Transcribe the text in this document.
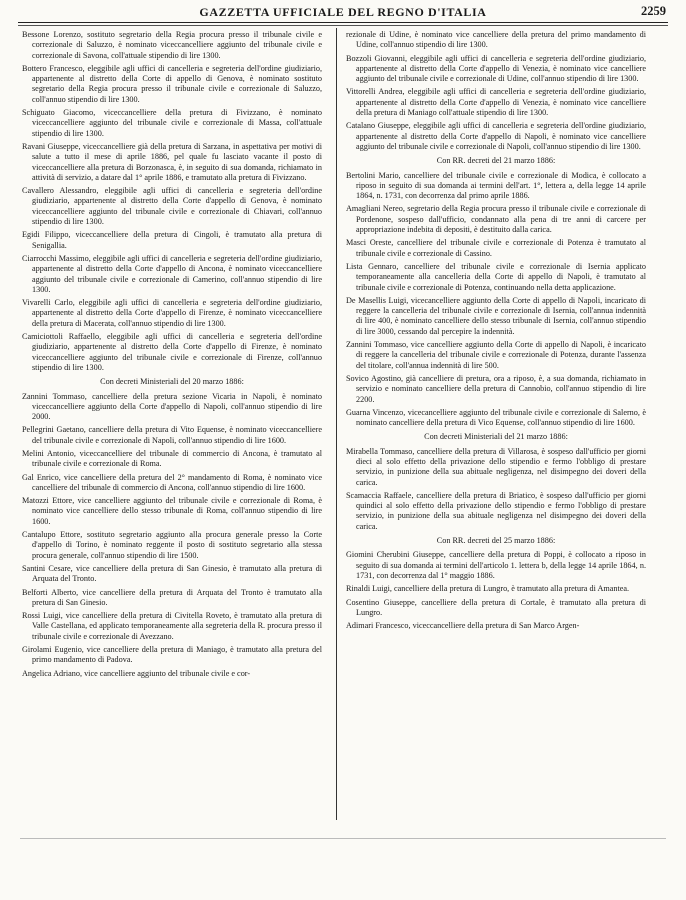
GAZZETTA UFFICIALE DEL REGNO D'ITALIA	2259

Bessone Lorenzo, sostituto segretario della Regia procura presso il tribunale civile e correzionale di Saluzzo, è nominato viceccancelliere aggiunto del tribunale civile e correzionale di Savona, coll'attuale stipendio di lire 1300.

Bottero Francesco, eleggibile agli uffici di cancelleria e segreteria dell'ordine giudiziario, appartenente al distretto della Corte di appello di Genova, è nominato sostituto segretario della Regia procura presso il tribunale civile e correzionale di Saluzzo, coll'annuo stipendio di lire 1300.

Schiguato Giacomo, viceccancelliere della pretura di Fivizzano, è nominato viceccancelliere aggiunto del tribunale civile e correzionale di Massa, coll'attuale stipendio di lire 1300.

Ravani Giuseppe, viceccancelliere già della pretura di Sarzana, in aspettativa per motivi di salute a tutto il mese di aprile 1886, pel quale fu lasciato vacante il posto di viceccancelliere alla pretura di Borzonasca, è, in seguito di sua domanda, richiamato in attività di servizio, a datare dal 1° aprile 1886, e tramutato alla pretura di Fivizzano.

Cavallero Alessandro, eleggibile agli uffici di cancelleria e segreteria dell'ordine giudiziario, appartenente al distretto della Corte d'appello di Genova, è nominato viceccancelliere aggiunto del tribunale civile e correzionale di Chiavari, coll'annuo stipendio di lire 1300.

Egidi Filippo, viceccancelliere della pretura di Cingoli, è tramutato alla pretura di Senigallia.

Ciarrocchi Massimo, eleggibile agli uffici di cancelleria e segreteria dell'ordine giudiziario, appartenente al distretto della Corte d'appello di Ancona, è nominato viceccancelliere aggiunto del tribunale civile e correzionale di Camerino, coll'annuo stipendio di lire 1300.

Vivarelli Carlo, eleggibile agli uffici di cancelleria e segreteria dell'ordine giudiziario, appartenente al distretto della Corte d'appello di Firenze, è nominato viceccancelliere della pretura di Macerata, coll'annuo stipendio di lire 1300.

Camiciottoli Raffaello, eleggibile agli uffici di cancelleria e segreteria dell'ordine giudiziario, appartenente al distretto della Corte d'appello di Firenze, è nominato viceccancelliere aggiunto del tribunale civile e correzionale di Firenze, coll'annuo stipendio di lire 1300.

Con decreti Ministeriali del 20 marzo 1886:

Zannini Tommaso, cancelliere della pretura sezione Vicaria in Napoli, è nominato viceccancelliere aggiunto della Corte d'appello di Napoli, coll'annuo stipendio di lire 2000.

Pellegrini Gaetano, cancelliere della pretura di Vito Equense, è nominato viceccancelliere del tribunale civile e correzionale di Napoli, coll'annuo stipendio di lire 1600.

Melini Antonio, viceccancelliere del tribunale di commercio di Ancona, è tramutato al tribunale civile e correzionale di Roma.

Gal Enrico, vice cancelliere della pretura del 2° mandamento di Roma, è nominato vice cancelliere del tribunale di commercio di Ancona, coll'annuo stipendio di lire 1600.

Matozzi Ettore, vice cancelliere aggiunto del tribunale civile e correzionale di Roma, è nominato vice cancelliere dello stesso tribunale di Roma, coll'annuo stipendio di lire 1600.

Cantalupo Ettore, sostituto segretario aggiunto alla procura generale presso la Corte d'appello di Torino, è nominato reggente il posto di sostituto segretario alla stessa procura generale, coll'annuo stipendio di lire 1500.

Santini Cesare, vice cancelliere della pretura di San Ginesio, è tramutato alla pretura di Arquata del Tronto.

Belforti Alberto, vice cancelliere della pretura di Arquata del Tronto è tramutato alla pretura di San Ginesio.

Rossi Luigi, vice cancelliere della pretura di Civitella Roveto, è tramutato alla pretura di Valle Castellana, ed applicato temporaneamente alla segreteria della R. procura presso il tribunale civile e correzionale di Avezzano.

Girolami Eugenio, vice cancelliere della pretura di Maniago, è tramutato alla pretura del primo mandamento di Padova.

Angelica Adriano, vice cancelliere aggiunto del tribunale civile e cor-

rezionale di Udine, è nominato vice cancelliere della pretura del primo mandamento di Udine, coll'annuo stipendio di lire 1300.

Bozzoli Giovanni, eleggibile agli uffici di cancelleria e segreteria dell'ordine giudiziario, appartenente al distretto della Corte d'appello di Venezia, è nominato vice cancelliere aggiunto del tribunale civile e correzionale di Udine, coll'annuo stipendio di lire 1300.

Vittorelli Andrea, eleggibile agli uffici di cancelleria e segreteria dell'ordine giudiziario, appartenente al distretto della Corte d'appello di Venezia, è nominato vice cancelliere della pretura di Maniago coll'attuale stipendio di lire 1300.

Catalano Giuseppe, eleggibile agli uffici di cancelleria e segreteria dell'ordine giudiziario, appartenente al distretto della Corte d'appello di Napoli, è nominato vice cancelliere aggiunto del tribunale civile e correzionale di Napoli, coll'annuo stipendio di lire 1300.

Con RR. decreti del 21 marzo 1886:

Bertolini Mario, cancelliere del tribunale civile e correzionale di Modica, è collocato a riposo in seguito di sua domanda ai termini dell'art. 1°, lettera a, della legge 14 aprile 1864, n. 1731, con decorrenza dal primo aprile 1886.

Amagliani Nereo, segretario della Regia procura presso il tribunale civile e correzionale di Pordenone, sospeso dall'ufficio, condannato alla pena di tre anni di carcere per appropriazione indebita di depositi, è destituito dalla carica.

Masci Oreste, cancelliere del tribunale civile e correzionale di Potenza è tramutato al tribunale civile e correzionale di Cassino.

Lista Gennaro, cancelliere del tribunale civile e correzionale di Isernia applicato temporaneamente alla cancelleria della Corte di appello di Napoli, è tramutato al tribunale civile e correzionale di Potenza, continuando nella detta applicazione.

De Masellis Luigi, vicecancelliere aggiunto della Corte di appello di Napoli, incaricato di reggere la cancelleria del tribunale civile e correzionale di Isernia, coll'annua indennità di lire 400, è nominato cancelliere dello stesso tribunale di Isernia, coll'annuo stipendio di lire 3000, cessando dal percepire la indennità.

Zannini Tommaso, vice cancelliere aggiunto della Corte di appello di Napoli, è incaricato di reggere la cancelleria del tribunale civile e correzionale di Potenza, durante l'assenza del titolare, coll'annua indennità di lire 500.

Sovico Agostino, già cancelliere di pretura, ora a riposo, è, a sua domanda, richiamato in servizio e nominato cancelliere della pretura di Cannobio, coll'annuo stipendio di lire 2200.

Guarna Vincenzo, vicecancelliere aggiunto del tribunale civile e correzionale di Salerno, è nominato cancelliere della pretura di Vico Equense, coll'annuo stipendio di lire 1600.

Con decreti Ministeriali del 21 marzo 1886:

Mirabella Tommaso, cancelliere della pretura di Villarosa, è sospeso dall'ufficio per giorni dieci al solo effetto della privazione dello stipendio e fermo l'obbligo di prestare servizio, in punizione della sua abituale negligenza, nel disimpegno dei doveri della carica.

Scamaccia Raffaele, cancelliere della pretura di Briatico, è sospeso dall'ufficio per giorni quindici al solo effetto della privazione dello stipendio e fermo l'obbligo di prestare servizio, in punizione della sua abituale negligenza nel disimpegno dei doveri della carica.

Con RR. decreti del 25 marzo 1886:

Giomini Cherubini Giuseppe, cancelliere della pretura di Poppi, è collocato a riposo in seguito di sua domanda ai termini dell'articolo 1. lettera b, della legge 14 aprile 1864, n. 1731, con decorrenza dal 1° maggio 1886.

Rinaldi Luigi, cancelliere della pretura di Lungro, è tramutato alla pretura di Amantea.

Cosentino Giuseppe, cancelliere della pretura di Cortale, è tramutato alla pretura di Lungro.

Adimari Francesco, viceccancelliere della pretura di San Marco Argen-
